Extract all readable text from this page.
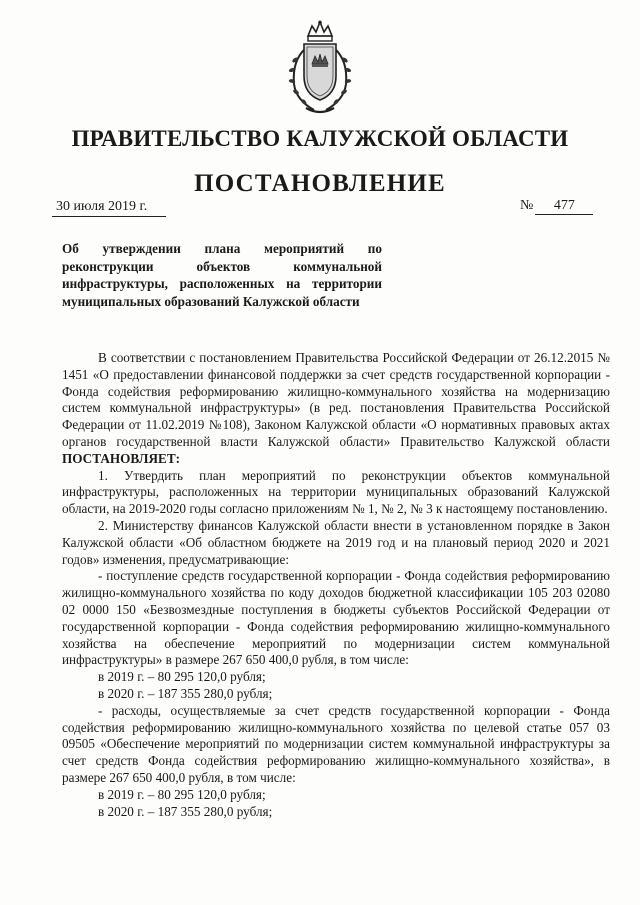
ПРАВИТЕЛЬСТВО КАЛУЖСКОЙ ОБЛАСТИ
ПОСТАНОВЛЕНИЕ
30 июля 2019 г.	№ 477
Об утверждении плана мероприятий по
реконструкции объектов коммунальной
инфраструктуры, расположенных на территории
муниципальных образований Калужской области

В соответствии с постановлением Правительства Российской Федерации от 26.12.2015 № 1451 «О предоставлении финансовой поддержки за счет средств государственной корпорации - Фонда содействия реформированию жилищно-коммунального хозяйства на модернизацию систем коммунальной инфраструктуры» (в ред. постановления Правительства Российской Федерации от 11.02.2019 №108), Законом Калужской области «О нормативных правовых актах органов государственной власти Калужской области» Правительство Калужской области ПОСТАНОВЛЯЕТ:

1. Утвердить план мероприятий по реконструкции объектов коммунальной инфраструктуры, расположенных на территории муниципальных образований Калужской области, на 2019-2020 годы согласно приложениям № 1, № 2, № 3 к настоящему постановлению.

2. Министерству финансов Калужской области внести в установленном порядке в Закон Калужской области «Об областном бюджете на 2019 год и на плановый период 2020 и 2021 годов» изменения, предусматривающие:

- поступление средств государственной корпорации - Фонда содействия реформированию жилищно-коммунального хозяйства по коду доходов бюджетной классификации 105 203 02080 02 0000 150 «Безвозмездные поступления в бюджеты субъектов Российской Федерации от государственной корпорации - Фонда содействия реформированию жилищно-коммунального хозяйства на обеспечение мероприятий по модернизации систем коммунальной инфраструктуры» в размере 267 650 400,0 рубля, в том числе:

в 2019 г. – 80 295 120,0 рубля;
в 2020 г. – 187 355 280,0 рубля;

- расходы, осуществляемые за счет средств государственной корпорации - Фонда содействия реформированию жилищно-коммунального хозяйства по целевой статье 057 03 09505 «Обеспечение мероприятий по модернизации систем коммунальной инфраструктуры за счет средств Фонда содействия реформированию жилищно-коммунального хозяйства», в размере 267 650 400,0 рубля, в том числе:

в 2019 г. – 80 295 120,0 рубля;
в 2020 г. – 187 355 280,0 рубля;
